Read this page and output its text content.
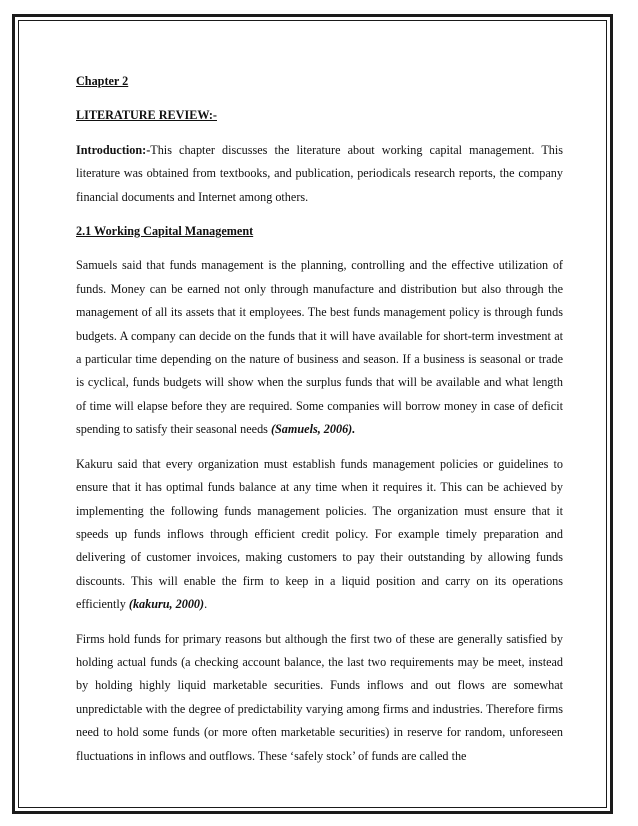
Chapter 2

LITERATURE REVIEW:-

Introduction:-This chapter discusses the literature about working capital management. This literature was obtained from textbooks, and publication, periodicals research reports, the company financial documents and Internet among others.

2.1 Working Capital Management

Samuels said that funds management is the planning, controlling and the effective utilization of funds. Money can be earned not only through manufacture and distribution but also through the management of all its assets that it employees. The best funds management policy is through funds budgets. A company can decide on the funds that it will have available for short-term investment at a particular time depending on the nature of business and season. If a business is seasonal or trade is cyclical, funds budgets will show when the surplus funds that will be available and what length of time will elapse before they are required. Some companies will borrow money in case of deficit spending to satisfy their seasonal needs (Samuels, 2006).

Kakuru said that every organization must establish funds management policies or guidelines to ensure that it has optimal funds balance at any time when it requires it. This can be achieved by implementing the following funds management policies. The organization must ensure that it speeds up funds inflows through efficient credit policy. For example timely preparation and delivering of customer invoices, making customers to pay their outstanding by allowing funds discounts. This will enable the firm to keep in a liquid position and carry on its operations efficiently (kakuru, 2000).

Firms hold funds for primary reasons but although the first two of these are generally satisfied by holding actual funds (a checking account balance, the last two requirements may be meet, instead by holding highly liquid marketable securities. Funds inflows and out flows are somewhat unpredictable with the degree of predictability varying among firms and industries. Therefore firms need to hold some funds (or more often marketable securities) in reserve for random, unforeseen fluctuations in inflows and outflows. These ‘safely stock’ of funds are called the
